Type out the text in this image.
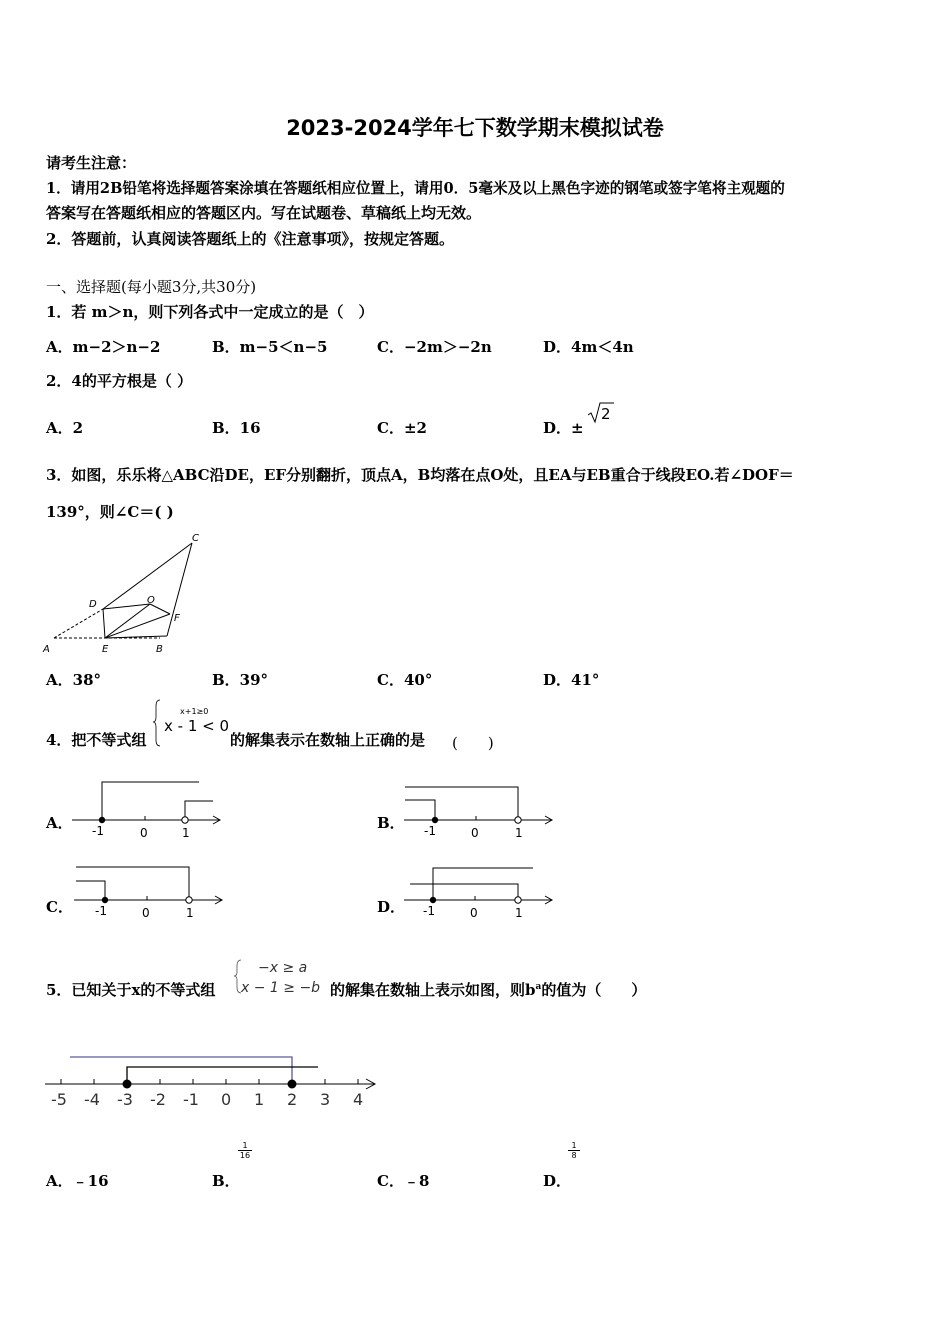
2023-2024学年七下数学期末模拟试卷
请考生注意：
1．请用2B铅笔将选择题答案涂填在答题纸相应位置上，请用0．5毫米及以上黑色字迹的钢笔或签字笔将主观题的
答案写在答题纸相应的答题区内。写在试题卷、草稿纸上均无效。
2．答题前，认真阅读答题纸上的《注意事项》，按规定答题。
一、选择题(每小题3分,共30分)
1．若 m＞n，则下列各式中一定成立的是（　）
A．m−2＞n−2	B．m−5＜n−5	C．−2m＞−2n	D．4m＜4n
2．4的平方根是（ ）
A．2	B．16	C．±2	D．±
2
3．如图，乐乐将△ABC沿DE，EF分别翻折，顶点A，B均落在点O处，且EA与EB重合于线段EO.若∠DOF＝
139°，则∠C＝( )
A	E	B
C
D	O
F
A．38°	B．39°	C．40°	D．41°
4．把不等式组
x+1≥0
x - 1 < 0
的解集表示在数轴上正确的是 (　　)
A．	B．
C．	D．
-1	0	1	-1	0	1
-1	0	1	-1	0	1
5．已知关于x的不等式组
−x ≥ a
x − 1 ≥ −b 的解集在数轴上表示如图，则$b^a$的值为（　　）
-5 -4 -3 -2 -1 0 1 2 3 4
A．﹣16	B．
$\frac{1}{16}$
C．﹣8	D．
$\frac{1}{8}$
